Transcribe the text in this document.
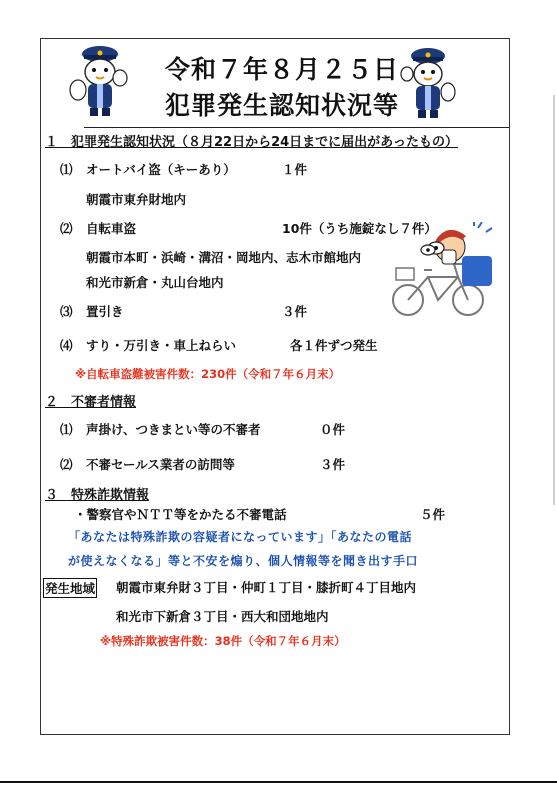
令和７年８月２５日
犯罪発生認知状況等
１　犯罪発生認知状況（８月22日から24日までに届出があったもの）
⑴ オートバイ盗（キーあり）	１件
朝霞市東弁財地内
⑵ 自転車盗	10件（うち施錠なし７件）
朝霞市本町・浜崎・溝沼・岡地内、志木市館地内
和光市新倉・丸山台地内
⑶ 置引き	３件
⑷ すり・万引き・車上ねらい	各１件ずつ発生
※自転車盗難被害件数：230件（令和７年６月末）
２　不審者情報
⑴ 声掛け、つきまとい等の不審者	０件
⑵ 不審セールス業者の訪問等	３件
３　特殊詐欺情報
・警察官やＮＴＴ等をかたる不審電話	５件
「あなたは特殊詐欺の容疑者になっています」「あなたの電話
が使えなくなる」等と不安を煽り、個人情報等を聞き出す手口
発生地域 朝霞市東弁財３丁目・仲町１丁目・膝折町４丁目地内
和光市下新倉３丁目・西大和団地地内
※特殊詐欺被害件数：38件（令和７年６月末）
